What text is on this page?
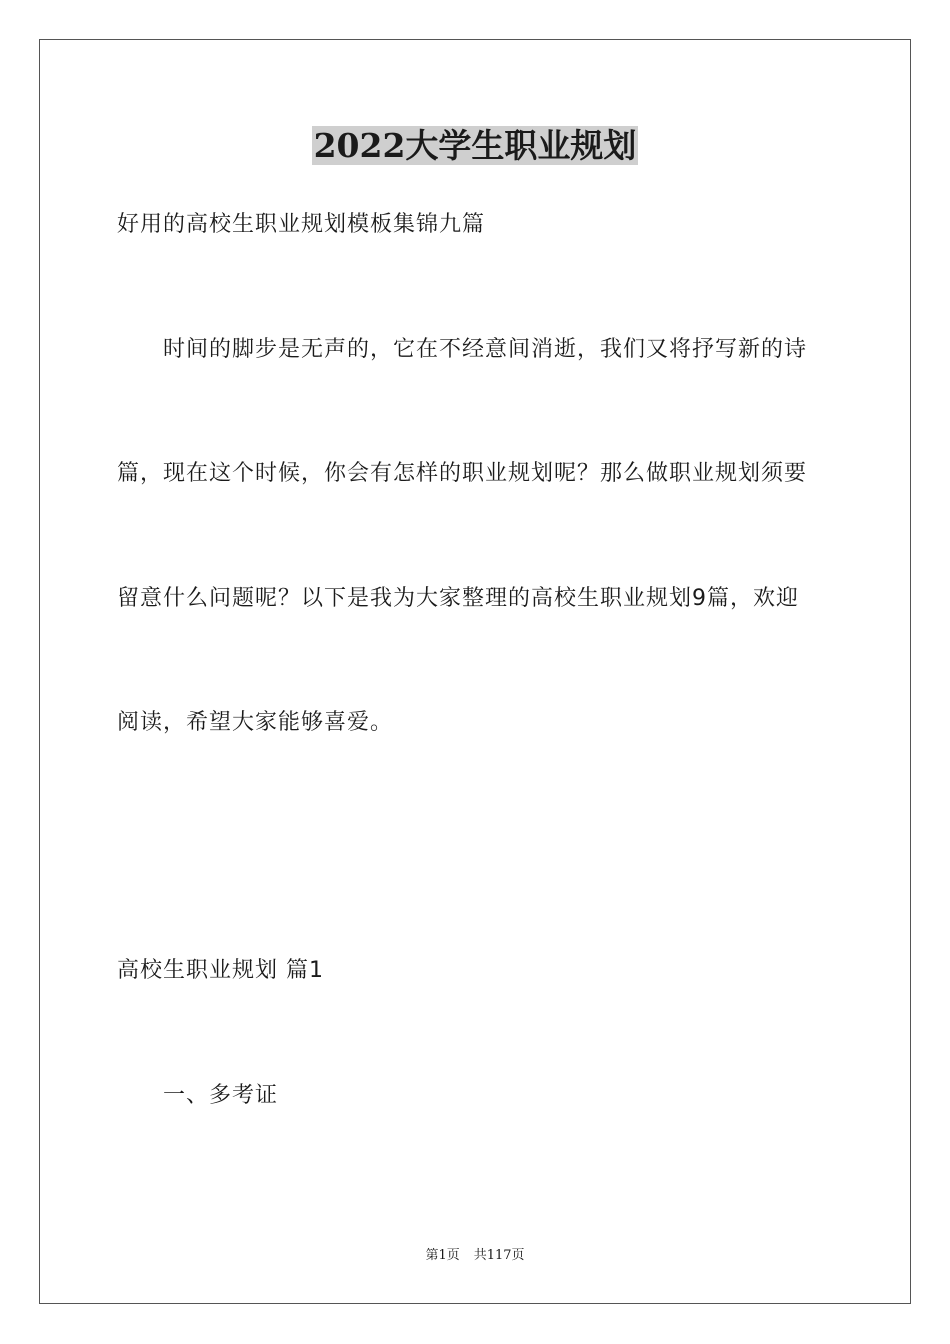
2022大学生职业规划
好用的高校生职业规划模板集锦九篇
时间的脚步是无声的，它在不经意间消逝，我们又将抒写新的诗
篇，现在这个时候，你会有怎样的职业规划呢？那么做职业规划须要
留意什么问题呢？以下是我为大家整理的高校生职业规划9篇，欢迎
阅读，希望大家能够喜爱。
高校生职业规划 篇1
一、多考证
第1页 共117页
